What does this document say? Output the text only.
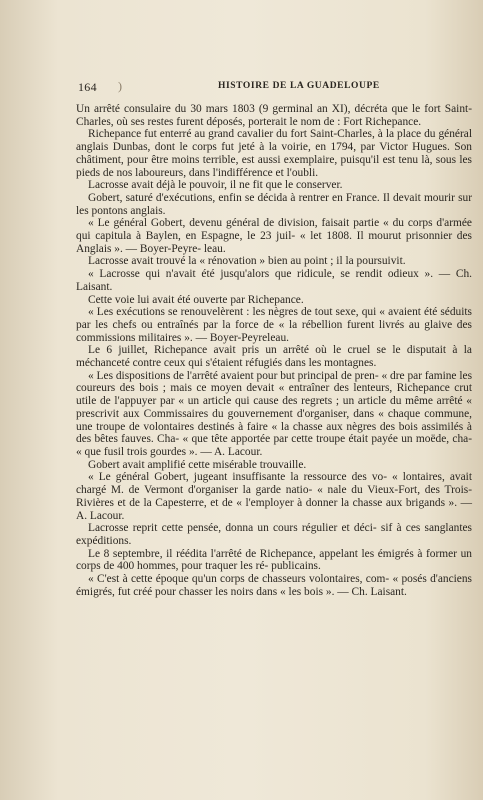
164 )	HISTOIRE DE LA GUADELOUPE

Un arrêté consulaire du 30 mars 1803 (9 germinal an XI), décréta que le fort Saint-Charles, où ses restes furent déposés, porterait le nom de : Fort Richepance.

Richepance fut enterré au grand cavalier du fort Saint-Charles, à la place du général anglais Dunbas, dont le corps fut jeté à la voirie, en 1794, par Victor Hugues. Son châtiment, pour être moins terrible, est aussi exemplaire, puisqu'il est tenu là, sous les pieds de nos laboureurs, dans l'indifférence et l'oubli.

Lacrosse avait déjà le pouvoir, il ne fit que le conserver.

Gobert, saturé d'exécutions, enfin se décida à rentrer en France. Il devait mourir sur les pontons anglais.

« Le général Gobert, devenu général de division, faisait partie « du corps d'armée qui capitula à Baylen, en Espagne, le 23 juil- « let 1808. Il mourut prisonnier des Anglais ». — Boyer-Peyre- leau.

Lacrosse avait trouvé la « rénovation » bien au point ; il la poursuivit.

« Lacrosse qui n'avait été jusqu'alors que ridicule, se rendit odieux ». — Ch. Laisant.

Cette voie lui avait été ouverte par Richepance.

« Les exécutions se renouvelèrent : les nègres de tout sexe, qui « avaient été séduits par les chefs ou entraînés par la force de « la rébellion furent livrés au glaive des commissions militaires ». — Boyer-Peyreleau.

Le 6 juillet, Richepance avait pris un arrêté où le cruel se le disputait à la méchanceté contre ceux qui s'étaient réfugiés dans les montagnes.

« Les dispositions de l'arrêté avaient pour but principal de pren- « dre par famine les coureurs des bois ; mais ce moyen devait « entraîner des lenteurs, Richepance crut utile de l'appuyer par « un article qui cause des regrets ; un article du même arrêté « prescrivit aux Commissaires du gouvernement d'organiser, dans « chaque commune, une troupe de volontaires destinés à faire « la chasse aux nègres des bois assimilés à des bêtes fauves. Cha- « que tête apportée par cette troupe était payée un moëde, cha- « que fusil trois gourdes ». — A. Lacour.

Gobert avait amplifié cette misérable trouvaille.

« Le général Gobert, jugeant insuffisante la ressource des vo- « lontaires, avait chargé M. de Vermont d'organiser la garde natio- « nale du Vieux-Fort, des Trois-Rivières et de la Capesterre, et de « l'employer à donner la chasse aux brigands ». — A. Lacour.

Lacrosse reprit cette pensée, donna un cours régulier et déci- sif à ces sanglantes expéditions.

Le 8 septembre, il réédita l'arrêté de Richepance, appelant les émigrés à former un corps de 400 hommes, pour traquer les ré- publicains.

« C'est à cette époque qu'un corps de chasseurs volontaires, com- « posés d'anciens émigrés, fut créé pour chasser les noirs dans « les bois ». — Ch. Laisant.
